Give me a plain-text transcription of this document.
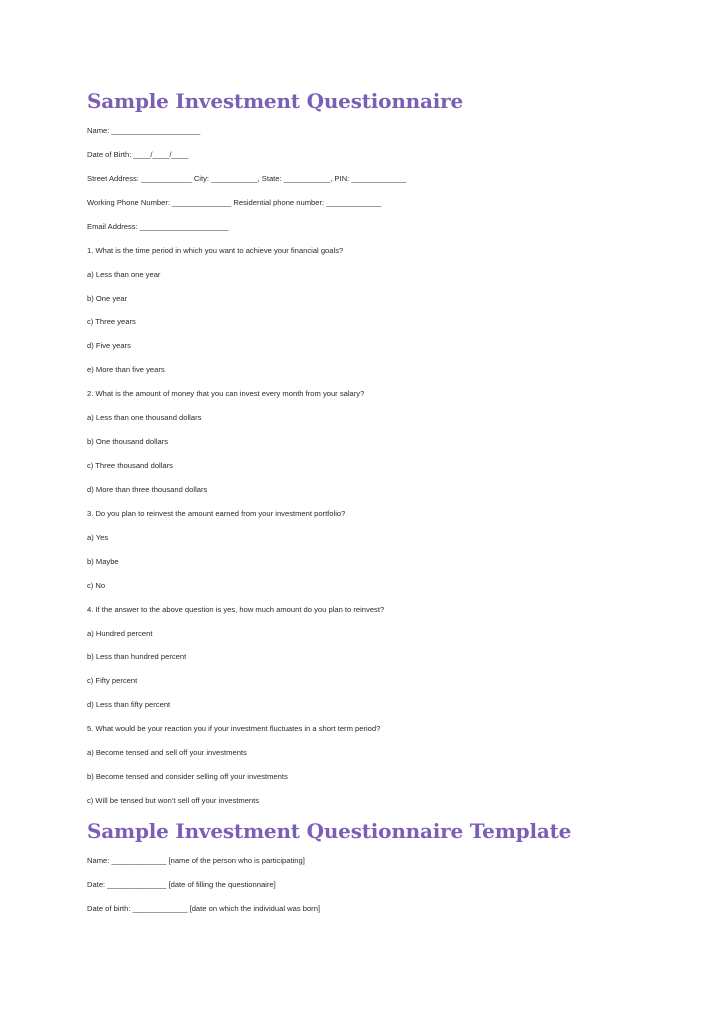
Sample Investment Questionnaire

Name: _____________________

Date of Birth: ____/____/____

Street Address: ____________ City: ___________, State: ___________, PIN: _____________

Working Phone Number: ______________ Residential phone number: _____________

Email Address: _____________________

1. What is the time period in which you want to achieve your financial goals?

a) Less than one year

b) One year

c) Three years

d) Five years

e) More than five years

2. What is the amount of money that you can invest every month from your salary?

a) Less than one thousand dollars

b) One thousand dollars

c) Three thousand dollars

d) More than three thousand dollars

3. Do you plan to reinvest the amount earned from your investment portfolio?

a) Yes

b) Maybe

c) No

4. If the answer to the above question is yes, how much amount do you plan to reinvest?

a) Hundred percent

b) Less than hundred percent

c) Fifty percent

d) Less than fifty percent

5. What would be your reaction you if your investment fluctuates in a short term period?

a) Become tensed and sell off your investments

b) Become tensed and consider selling off your investments

c) Will be tensed but won’t sell off your investments

Sample Investment Questionnaire Template

Name: _____________ [name of the person who is participating]

Date: ______________ [date of filling the questionnaire]

Date of birth: _____________ [date on which the individual was born]
